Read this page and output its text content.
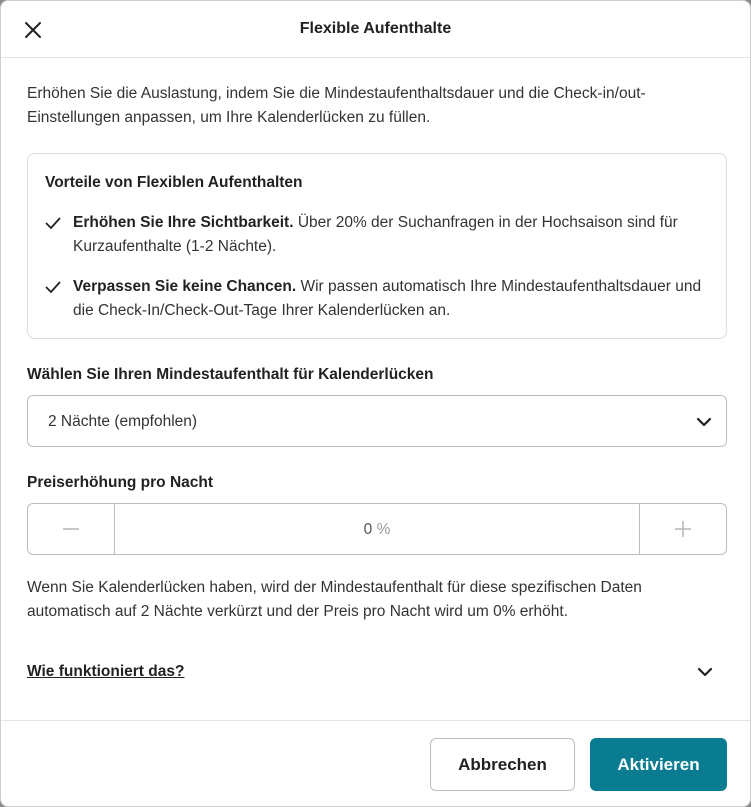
Flexible Aufenthalte
Erhöhen Sie die Auslastung, indem Sie die Mindestaufenthaltsdauer und die Check-in/out-Einstellungen anpassen, um Ihre Kalenderlücken zu füllen.
Vorteile von Flexiblen Aufenthalten
Erhöhen Sie Ihre Sichtbarkeit. Über 20% der Suchanfragen in der Hochsaison sind für Kurzaufenthalte (1-2 Nächte).
Verpassen Sie keine Chancen. Wir passen automatisch Ihre Mindestaufenthaltsdauer und die Check-In/Check-Out-Tage Ihrer Kalenderlücken an.
Wählen Sie Ihren Mindestaufenthalt für Kalenderlücken
2 Nächte (empfohlen)
Preiserhöhung pro Nacht
0 %
Wenn Sie Kalenderlücken haben, wird der Mindestaufenthalt für diese spezifischen Daten automatisch auf 2 Nächte verkürzt und der Preis pro Nacht wird um 0% erhöht.
Wie funktioniert das?
Abbrechen	Aktivieren
